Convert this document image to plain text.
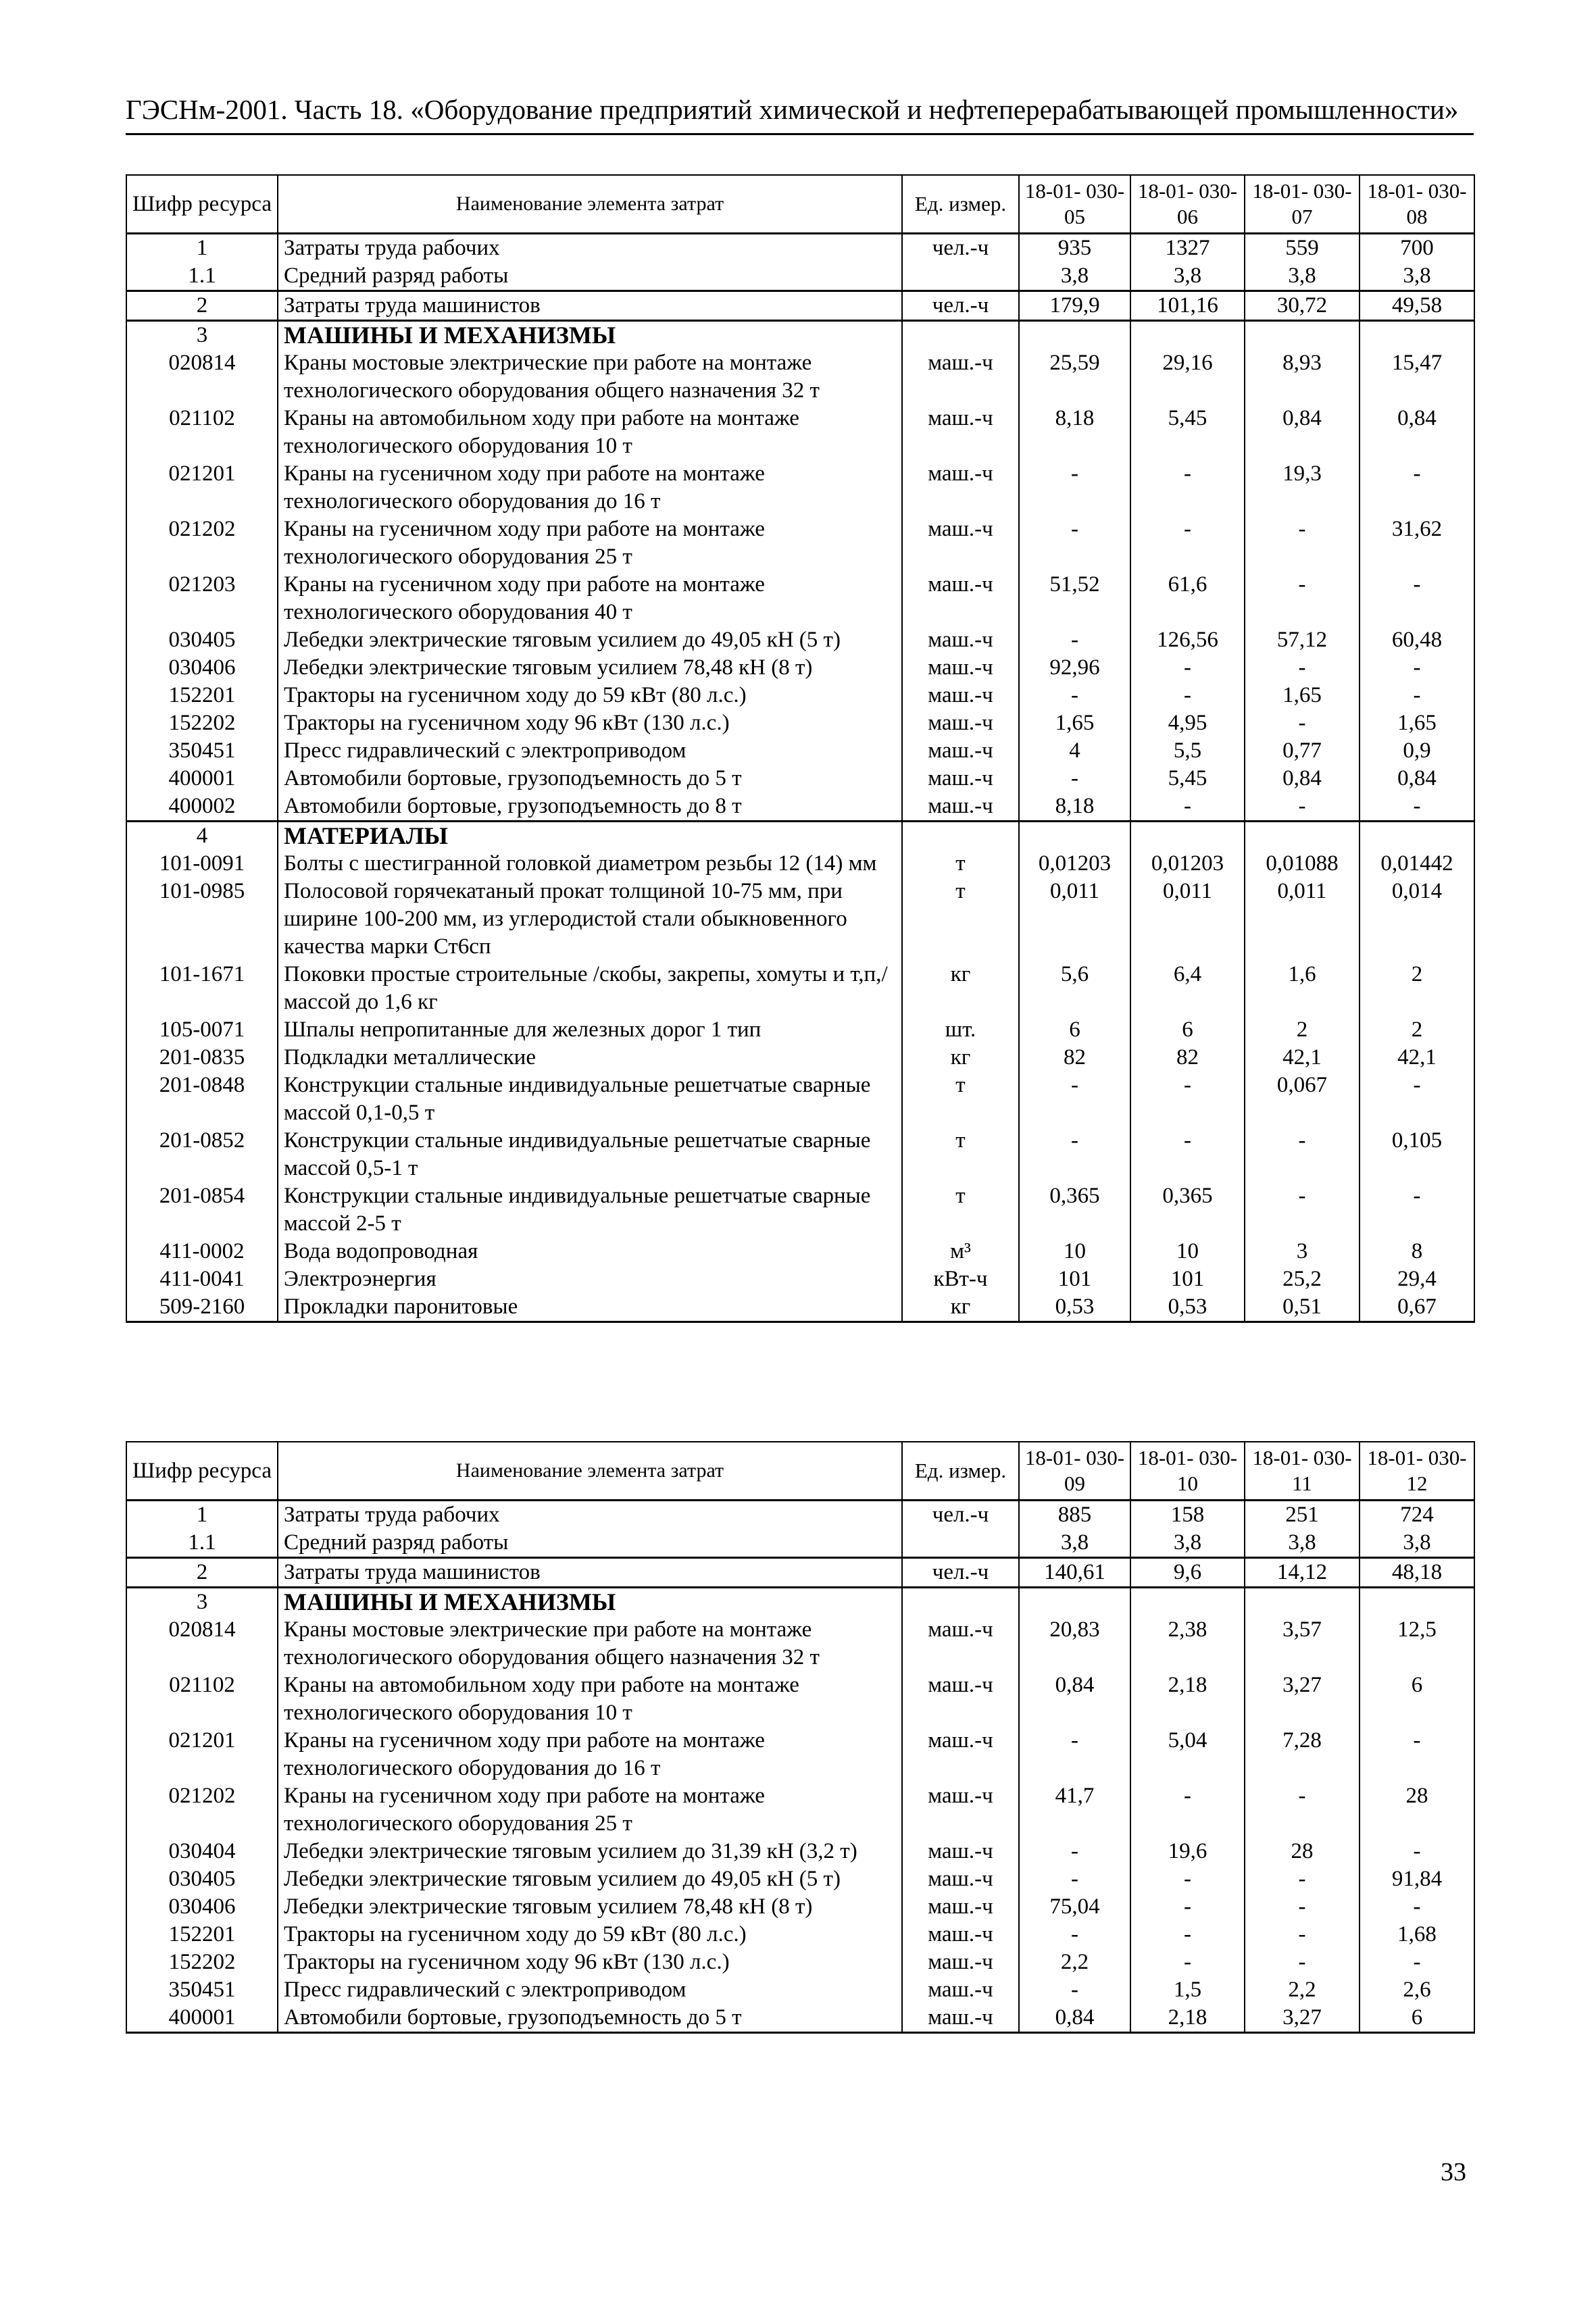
ГЭСНм-2001. Часть 18. «Оборудование предприятий химической и нефтеперерабатывающей промышленности»
Шифр ресурса	Наименование элемента затрат	Ед. измер.	18-01- 030-05	18-01- 030-06	18-01- 030-07	18-01- 030-08
1	Затраты труда рабочих	чел.-ч	935	1327	559	700
1.1	Средний разряд работы		3,8	3,8	3,8	3,8
2	Затраты труда машинистов	чел.-ч	179,9	101,16	30,72	49,58
3	МАШИНЫ И МЕХАНИЗМЫ					
020814	Краны мостовые электрические при работе на монтаже технологического оборудования общего назначения 32 т	маш.-ч	25,59	29,16	8,93	15,47
021102	Краны на автомобильном ходу при работе на монтаже технологического оборудования 10 т	маш.-ч	8,18	5,45	0,84	0,84
021201	Краны на гусеничном ходу при работе на монтаже технологического оборудования до 16 т	маш.-ч	-	-	19,3	-
021202	Краны на гусеничном ходу при работе на монтаже технологического оборудования 25 т	маш.-ч	-	-	-	31,62
021203	Краны на гусеничном ходу при работе на монтаже технологического оборудования 40 т	маш.-ч	51,52	61,6	-	-
030405	Лебедки электрические тяговым усилием до 49,05 кН (5 т)	маш.-ч	-	126,56	57,12	60,48
030406	Лебедки электрические тяговым усилием 78,48 кН (8 т)	маш.-ч	92,96	-	-	-
152201	Тракторы на гусеничном ходу до 59 кВт (80 л.с.)	маш.-ч	-	-	1,65	-
152202	Тракторы на гусеничном ходу 96 кВт (130 л.с.)	маш.-ч	1,65	4,95	-	1,65
350451	Пресс гидравлический с электроприводом	маш.-ч	4	5,5	0,77	0,9
400001	Автомобили бортовые, грузоподъемность до 5 т	маш.-ч	-	5,45	0,84	0,84
400002	Автомобили бортовые, грузоподъемность до 8 т	маш.-ч	8,18	-	-	-
4	МАТЕРИАЛЫ					
101-0091	Болты с шестигранной головкой диаметром резьбы 12 (14) мм	т	0,01203	0,01203	0,01088	0,01442
101-0985	Полосовой горячекатаный прокат толщиной 10-75 мм, при ширине 100-200 мм, из углеродистой стали обыкновенного качества марки Ст6сп	т	0,011	0,011	0,011	0,014
101-1671	Поковки простые строительные /скобы, закрепы, хомуты и т,п,/ массой до 1,6 кг	кг	5,6	6,4	1,6	2
105-0071	Шпалы непропитанные для железных дорог 1 тип	шт.	6	6	2	2
201-0835	Подкладки металлические	кг	82	82	42,1	42,1
201-0848	Конструкции стальные индивидуальные решетчатые сварные массой 0,1-0,5 т	т	-	-	0,067	-
201-0852	Конструкции стальные индивидуальные решетчатые сварные массой 0,5-1 т	т	-	-	-	0,105
201-0854	Конструкции стальные индивидуальные решетчатые сварные массой 2-5 т	т	0,365	0,365	-	-
411-0002	Вода водопроводная	м³	10	10	3	8
411-0041	Электроэнергия	кВт-ч	101	101	25,2	29,4
509-2160	Прокладки паронитовые	кг	0,53	0,53	0,51	0,67
Шифр ресурса	Наименование элемента затрат	Ед. измер.	18-01- 030-09	18-01- 030-10	18-01- 030-11	18-01- 030-12
1	Затраты труда рабочих	чел.-ч	885	158	251	724
1.1	Средний разряд работы		3,8	3,8	3,8	3,8
2	Затраты труда машинистов	чел.-ч	140,61	9,6	14,12	48,18
3	МАШИНЫ И МЕХАНИЗМЫ					
020814	Краны мостовые электрические при работе на монтаже технологического оборудования общего назначения 32 т	маш.-ч	20,83	2,38	3,57	12,5
021102	Краны на автомобильном ходу при работе на монтаже технологического оборудования 10 т	маш.-ч	0,84	2,18	3,27	6
021201	Краны на гусеничном ходу при работе на монтаже технологического оборудования до 16 т	маш.-ч	-	5,04	7,28	-
021202	Краны на гусеничном ходу при работе на монтаже технологического оборудования 25 т	маш.-ч	41,7	-	-	28
030404	Лебедки электрические тяговым усилием до 31,39 кН (3,2 т)	маш.-ч	-	19,6	28	-
030405	Лебедки электрические тяговым усилием до 49,05 кН (5 т)	маш.-ч	-	-	-	91,84
030406	Лебедки электрические тяговым усилием 78,48 кН (8 т)	маш.-ч	75,04	-	-	-
152201	Тракторы на гусеничном ходу до 59 кВт (80 л.с.)	маш.-ч	-	-	-	1,68
152202	Тракторы на гусеничном ходу 96 кВт (130 л.с.)	маш.-ч	2,2	-	-	-
350451	Пресс гидравлический с электроприводом	маш.-ч	-	1,5	2,2	2,6
400001	Автомобили бортовые, грузоподъемность до 5 т	маш.-ч	0,84	2,18	3,27	6
33
